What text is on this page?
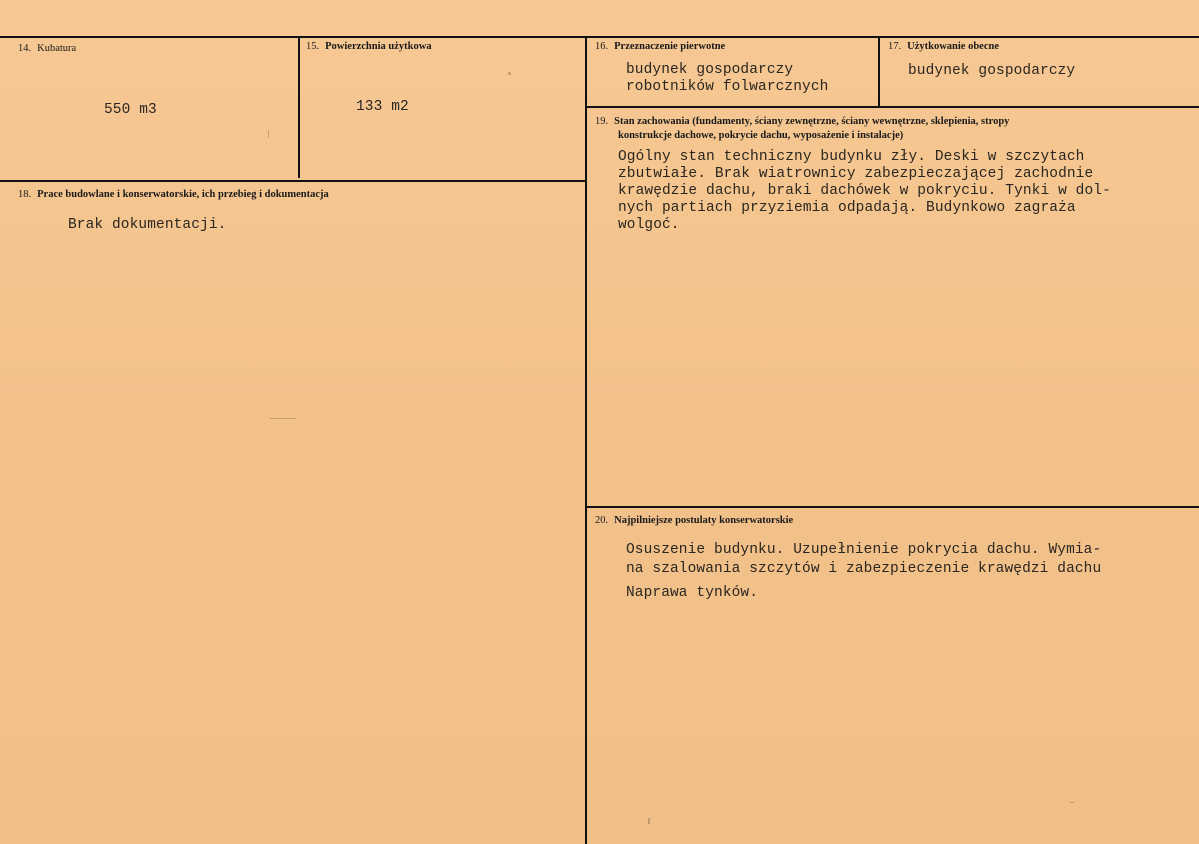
14. Kubatura
550 m3
15. Powierzchnia użytkowa
133 m2
16. Przeznaczenie pierwotne
budynek gospodarczy
robotników folwarcznych
17. Użytkowanie obecne
budynek gospodarczy
18. Prace budowlane i konserwatorskie, ich przebieg i dokumentacja
Brak dokumentacji.
19. Stan zachowania (fundamenty, ściany zewnętrzne, ściany wewnętrzne, sklepienia, stropy
konstrukcje dachowe, pokrycie dachu, wyposażenie i instalacje)
Ogólny stan techniczny budynku zły. Deski w szczytach
zbutwiałe. Brak wiatrownicy zabezpieczającej zachodnie
krawędzie dachu, braki dachówek w pokryciu. Tynki w dol-
nych partiach przyziemia odpadają. Budynkowo zagraża
wolgoć.
20. Najpilniejsze postulaty konserwatorskie
Osuszenie budynku. Uzupełnienie pokrycia dachu. Wymia-
na szalowania szczytów i zabezpieczenie krawędzi dachu
Naprawa tynków.
